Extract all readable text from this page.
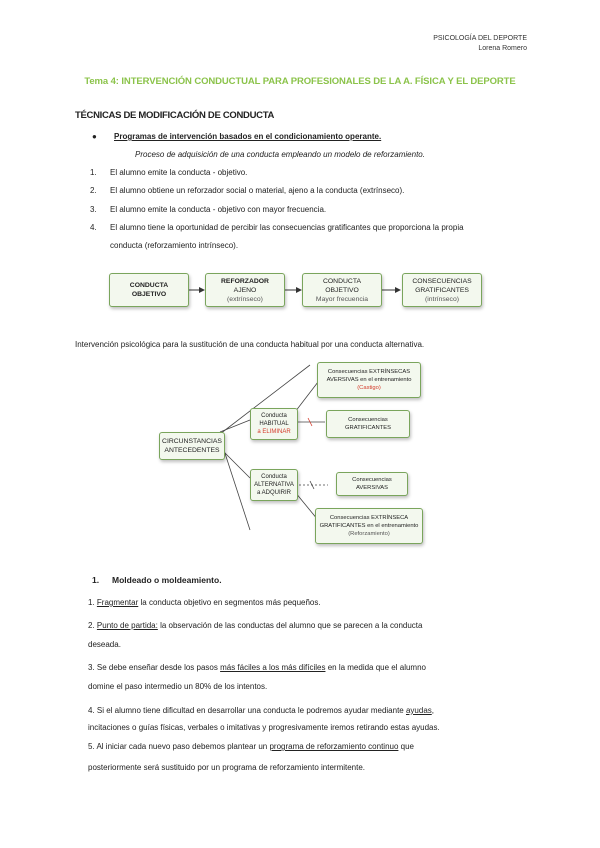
PSICOLOGÍA DEL DEPORTE
Lorena Romero
Tema 4: INTERVENCIÓN CONDUCTUAL PARA PROFESIONALES DE LA A. FÍSICA Y EL DEPORTE
TÉCNICAS DE MODIFICACIÓN DE CONDUCTA
● Programas de intervención basados en el condicionamiento operante.
Proceso de adquisición de una conducta empleando un modelo de reforzamiento.
1. El alumno emite la conducta - objetivo.
2. El alumno obtiene un reforzador social o material, ajeno a la conducta (extrínseco).
3. El alumno emite la conducta - objetivo con mayor frecuencia.
4. El alumno tiene la oportunidad de percibir las consecuencias gratificantes que proporciona la propia
conducta (reforzamiento intrínseco).
CONDUCTA
OBJETIVO
REFORZADOR
AJENO
(extrínseco)
CONDUCTA
OBJETIVO
Mayor frecuencia
CONSECUENCIAS
GRATIFICANTES
(intrínseco)
Intervención psicológica para la sustitución de una conducta habitual por una conducta alternativa.
CIRCUNSTANCIAS
ANTECEDENTES
Conducta
HABITUAL
a ELIMINAR
Conducta
ALTERNATIVA
a ADQUIRIR
Consecuencias EXTRÍNSECAS
AVERSIVAS en el entrenamiento
(Castigo)
Consecuencias
GRATIFICANTES
Consecuencias
AVERSIVAS
Consecuencias EXTRÍNSECA
GRATIFICANTES en el entrenamiento
(Reforzamiento)
1. Moldeado o moldeamiento.
1. Fragmentar la conducta objetivo en segmentos más pequeños.
2. Punto de partida: la observación de las conductas del alumno que se parecen a la conducta
deseada.
3. Se debe enseñar desde los pasos más fáciles a los más difíciles en la medida que el alumno
domine el paso intermedio un 80% de los intentos.
4. Si el alumno tiene dificultad en desarrollar una conducta le podremos ayudar mediante ayudas,
incitaciones o guías físicas, verbales o imitativas y progresivamente iremos retirando estas ayudas.
5. Al iniciar cada nuevo paso debemos plantear un programa de reforzamiento continuo que
posteriormente será sustituido por un programa de reforzamiento intermitente.
